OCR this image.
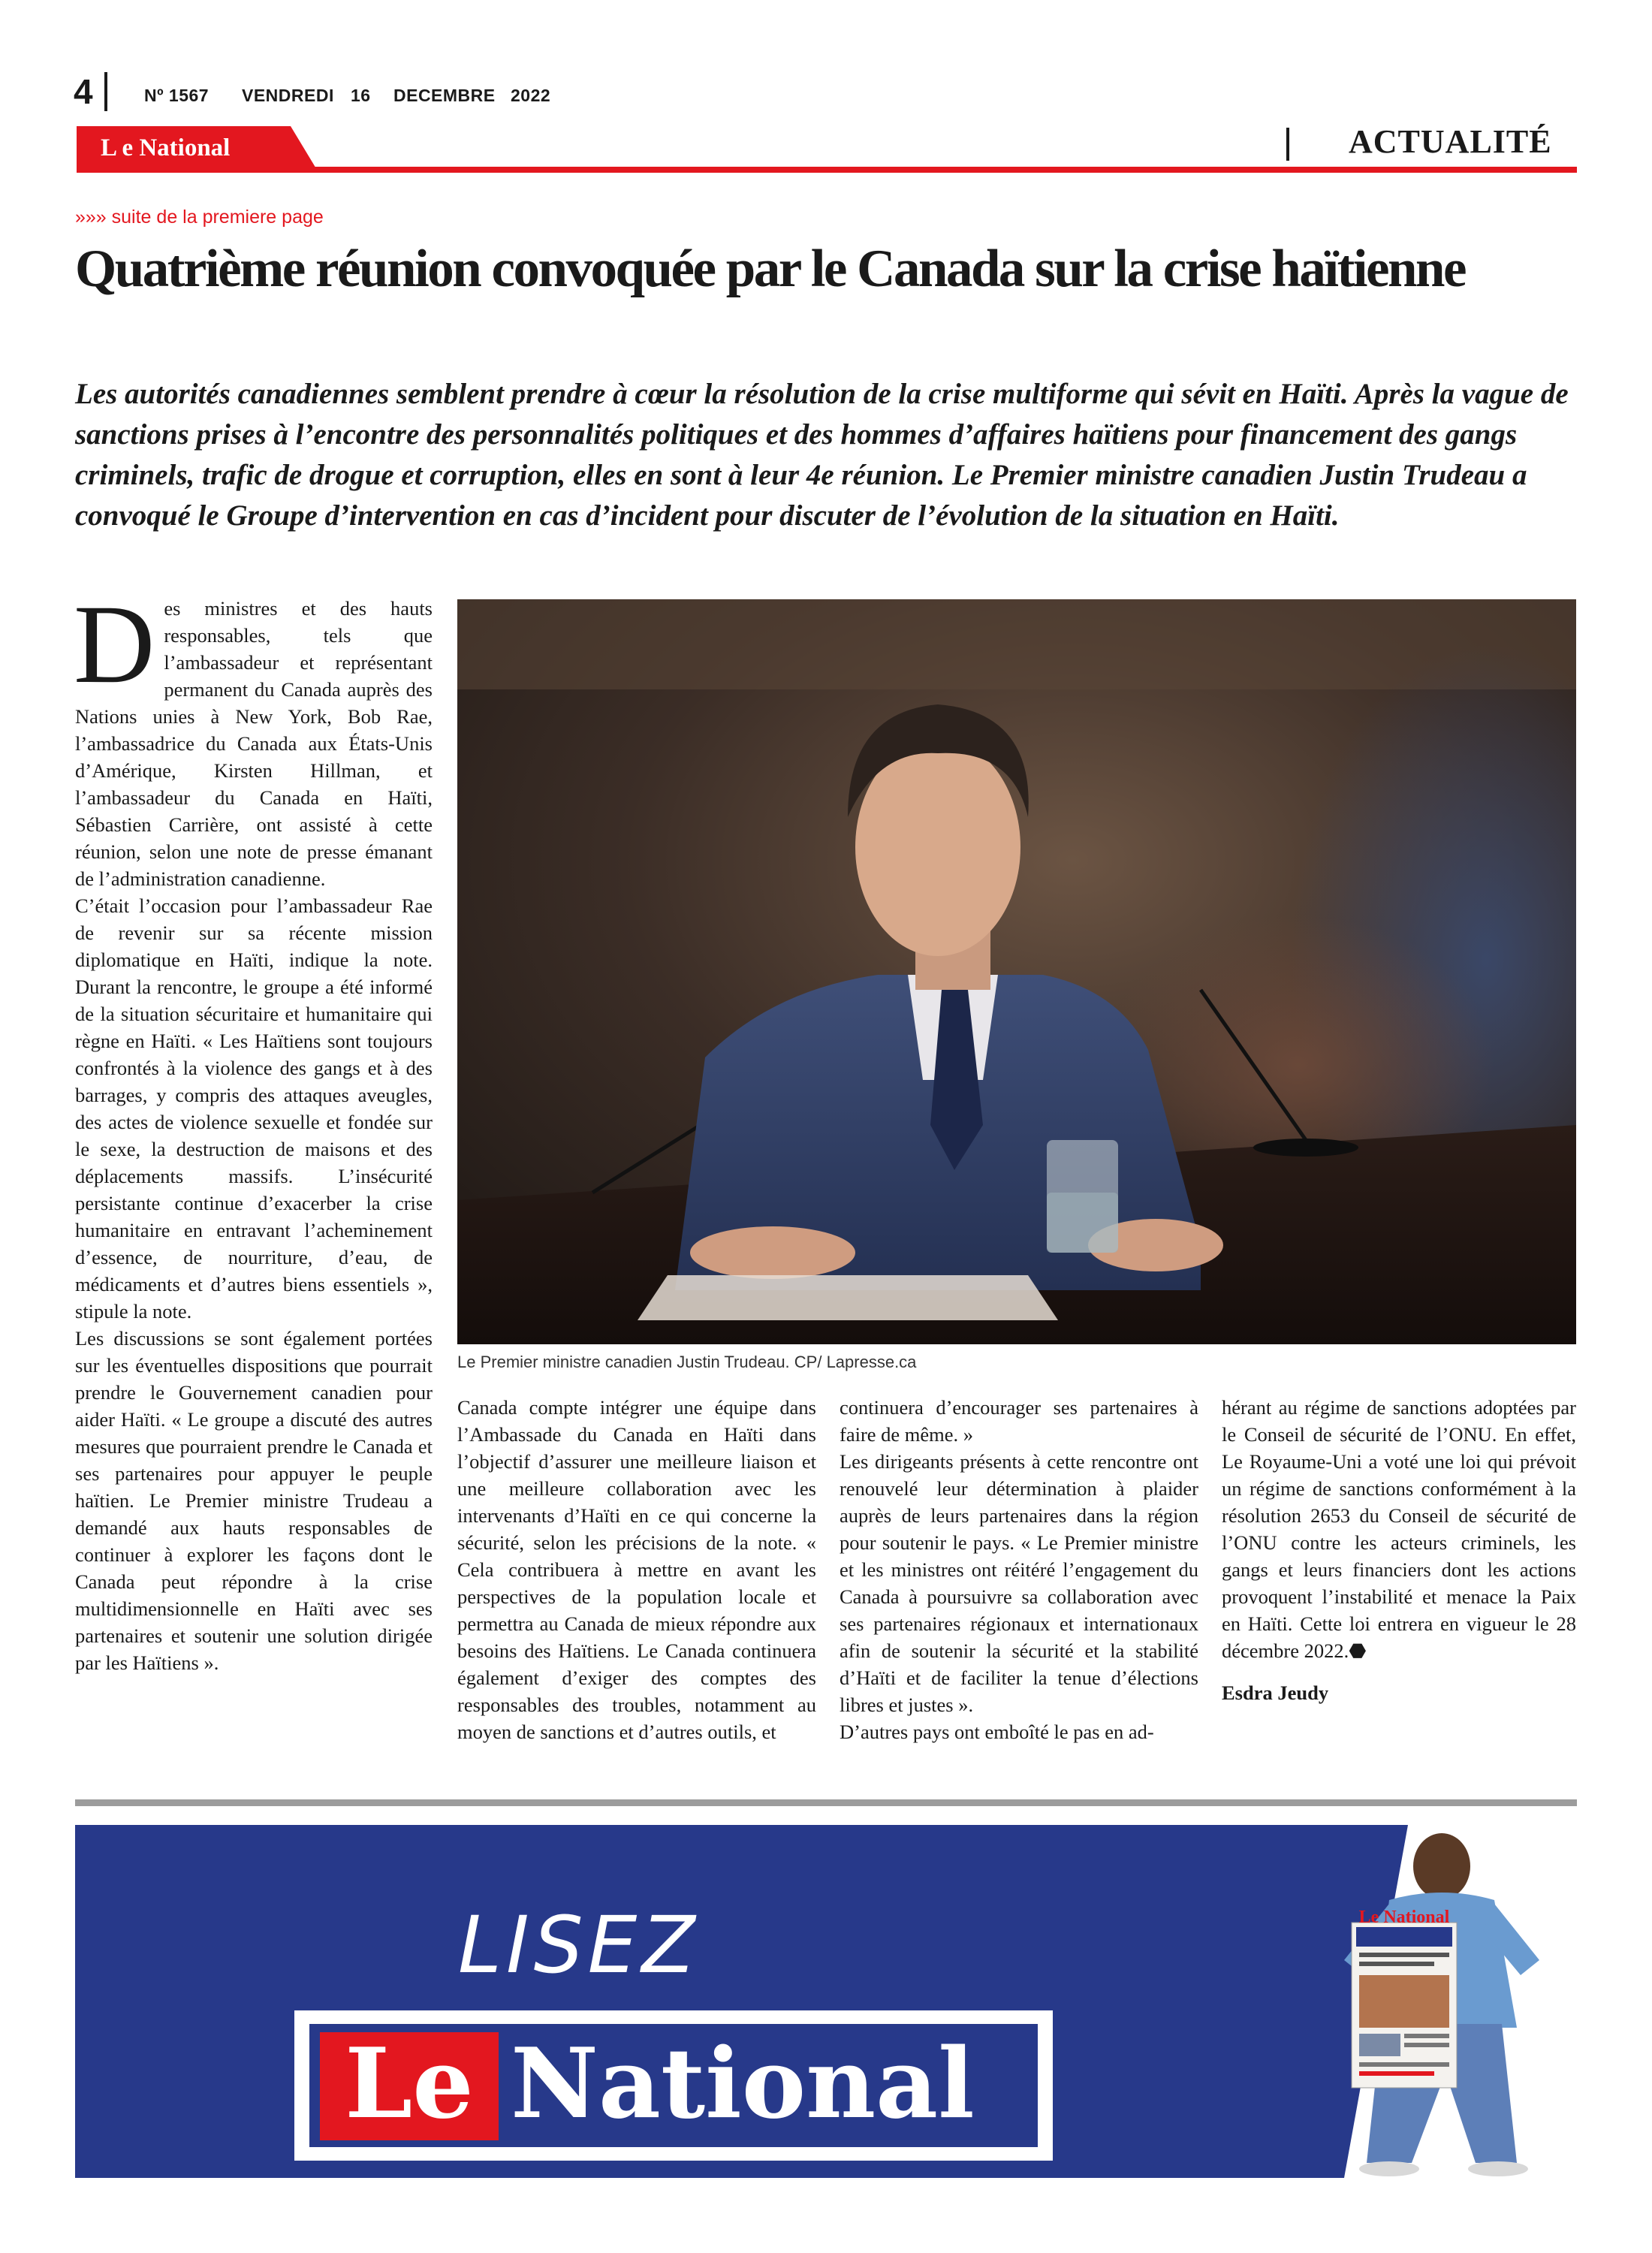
4	Nº 1567 VENDREDI 16 DECEMBRE 2022
L e National	ACTUALITÉ
»»» suite de la premiere page
Quatrième réunion convoquée par le Canada sur la crise haïtienne

Les autorités canadiennes semblent prendre à cœur la résolution de la crise multiforme qui sévit en Haïti. Après la vague de sanctions prises à l’encontre des personnalités politiques et des hommes d’affaires haïtiens pour financement des gangs criminels, trafic de drogue et corruption, elles en sont à leur 4e réunion. Le Premier ministre canadien Justin Trudeau a convoqué le Groupe d’intervention en cas d’incident pour discuter de l’évolution de la situation en Haïti.

Le Premier ministre canadien Justin Trudeau. CP/ Lapresse.ca
D es ministres et des hauts responsables, tels que l’ambassadeur et représentant permanent du Canada auprès des Nations unies à New York, Bob Rae, l’ambassadrice du Canada aux États-Unis d’Amérique, Kirsten Hillman, et l’ambassadeur du Canada en Haïti, Sébastien Carrière, ont assisté à cette réunion, selon une note de presse émanant de l’administration canadienne.

C’était l’occasion pour l’ambassadeur Rae de revenir sur sa récente mission diplomatique en Haïti, indique la note. Durant la rencontre, le groupe a été informé de la situation sécuritaire et humanitaire qui règne en Haïti. « Les Haïtiens sont toujours confrontés à la violence des gangs et à des barrages, y compris des attaques aveugles, des actes de violence sexuelle et fondée sur le sexe, la destruction de maisons et des déplacements massifs. L’insécurité persistante continue d’exacerber la crise humanitaire en entravant l’acheminement d’essence, de nourriture, d’eau, de médicaments et d’autres biens essentiels », stipule la note.

Les discussions se sont également portées sur les éventuelles dispositions que pourrait prendre le Gouvernement canadien pour aider Haïti. « Le groupe a discuté des autres mesures que pourraient prendre le Canada et ses partenaires pour appuyer le peuple haïtien. Le Premier ministre Trudeau a demandé aux hauts responsables de continuer à explorer les façons dont le Canada peut répondre à la crise multidimensionnelle en Haïti avec ses partenaires et soutenir une solution dirigée par les Haïtiens ».

Canada compte intégrer une équipe dans l’Ambassade du Canada en Haïti dans l’objectif d’assurer une meilleure liaison et une meilleure collaboration avec les intervenants d’Haïti en ce qui concerne la sécurité, selon les précisions de la note. « Cela contribuera à mettre en avant les perspectives de la population locale et permettra au Canada de mieux répondre aux besoins des Haïtiens. Le Canada continuera également d’exiger des comptes des responsables des troubles, notamment au moyen de sanctions et d’autres outils, et

continuera d’encourager ses partenaires à faire de même. »

Les dirigeants présents à cette rencontre ont renouvelé leur détermination à plaider auprès de leurs partenaires dans la région pour soutenir le pays. « Le Premier ministre et les ministres ont réitéré l’engagement du Canada à poursuivre sa collaboration avec ses partenaires régionaux et internationaux afin de soutenir la sécurité et la stabilité d’Haïti et de faciliter la tenue d’élections libres et justes ».

D’autres pays ont emboîté le pas en ad-

hérant au régime de sanctions adoptées par le Conseil de sécurité de l’ONU. En effet, Le Royaume-Uni a voté une loi qui prévoit un régime de sanctions conformément à la résolution 2653 du Conseil de sécurité de l’ONU contre les acteurs criminels, les gangs et leurs financiers dont les actions provoquent l’instabilité et menace la Paix en Haïti. Cette loi entrera en vigueur le 28 décembre 2022.⬣

Esdra Jeudy

LISEZ
Le National
Le National
